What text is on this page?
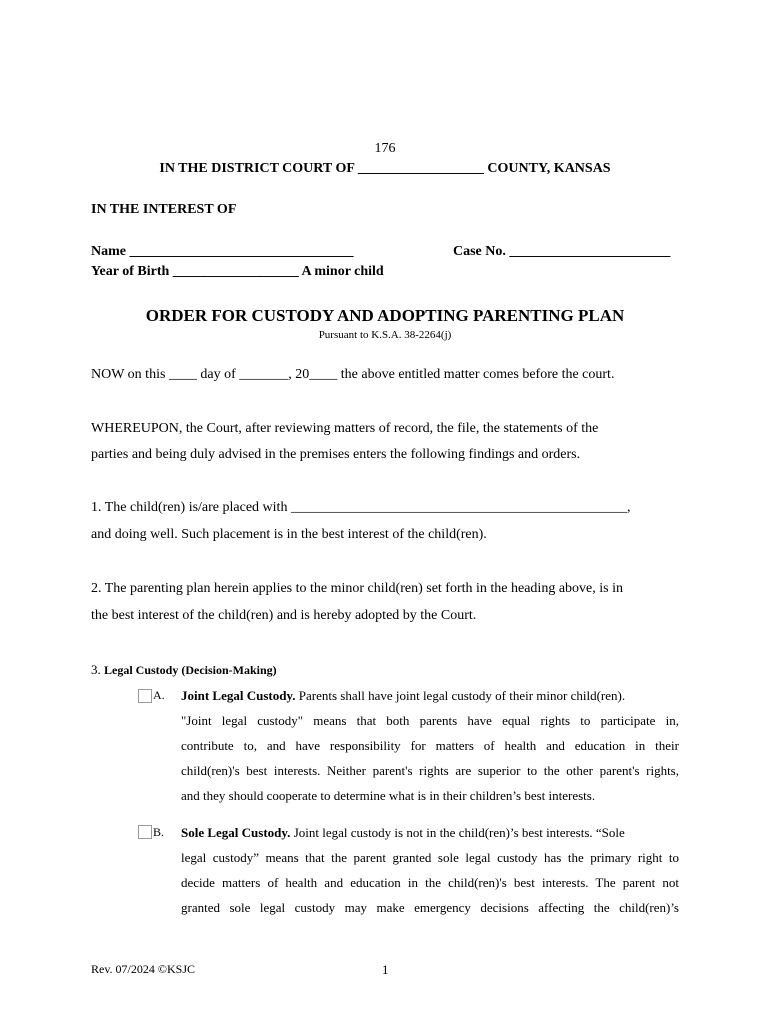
176
IN THE DISTRICT COURT OF __________________ COUNTY, KANSAS
IN THE INTEREST OF
Name ________________________________	Case No. _______________________
Year of Birth __________________ A minor child
ORDER FOR CUSTODY AND ADOPTING PARENTING PLAN
Pursuant to K.S.A. 38-2264(j)
NOW on this ____ day of _______, 20____ the above entitled matter comes before the court.
WHEREUPON, the Court, after reviewing matters of record, the file, the statements of the
parties and being duly advised in the premises enters the following findings and orders.
1. The child(ren) is/are placed with ________________________________________________,
and doing well. Such placement is in the best interest of the child(ren).
2. The parenting plan herein applies to the minor child(ren) set forth in the heading above, is in
the best interest of the child(ren) and is hereby adopted by the Court.
3. Legal Custody (Decision-Making)
A. Joint Legal Custody. Parents shall have joint legal custody of their minor child(ren).
"Joint legal custody" means that both parents have equal rights to participate in,
contribute to, and have responsibility for matters of health and education in their
child(ren)'s best interests. Neither parent's rights are superior to the other parent's rights,
and they should cooperate to determine what is in their children’s best interests.
B. Sole Legal Custody. Joint legal custody is not in the child(ren)’s best interests. “Sole
legal custody” means that the parent granted sole legal custody has the primary right to
decide matters of health and education in the child(ren)'s best interests. The parent not
granted sole legal custody may make emergency decisions affecting the child(ren)’s
Rev. 07/2024 ©KSJC	1
